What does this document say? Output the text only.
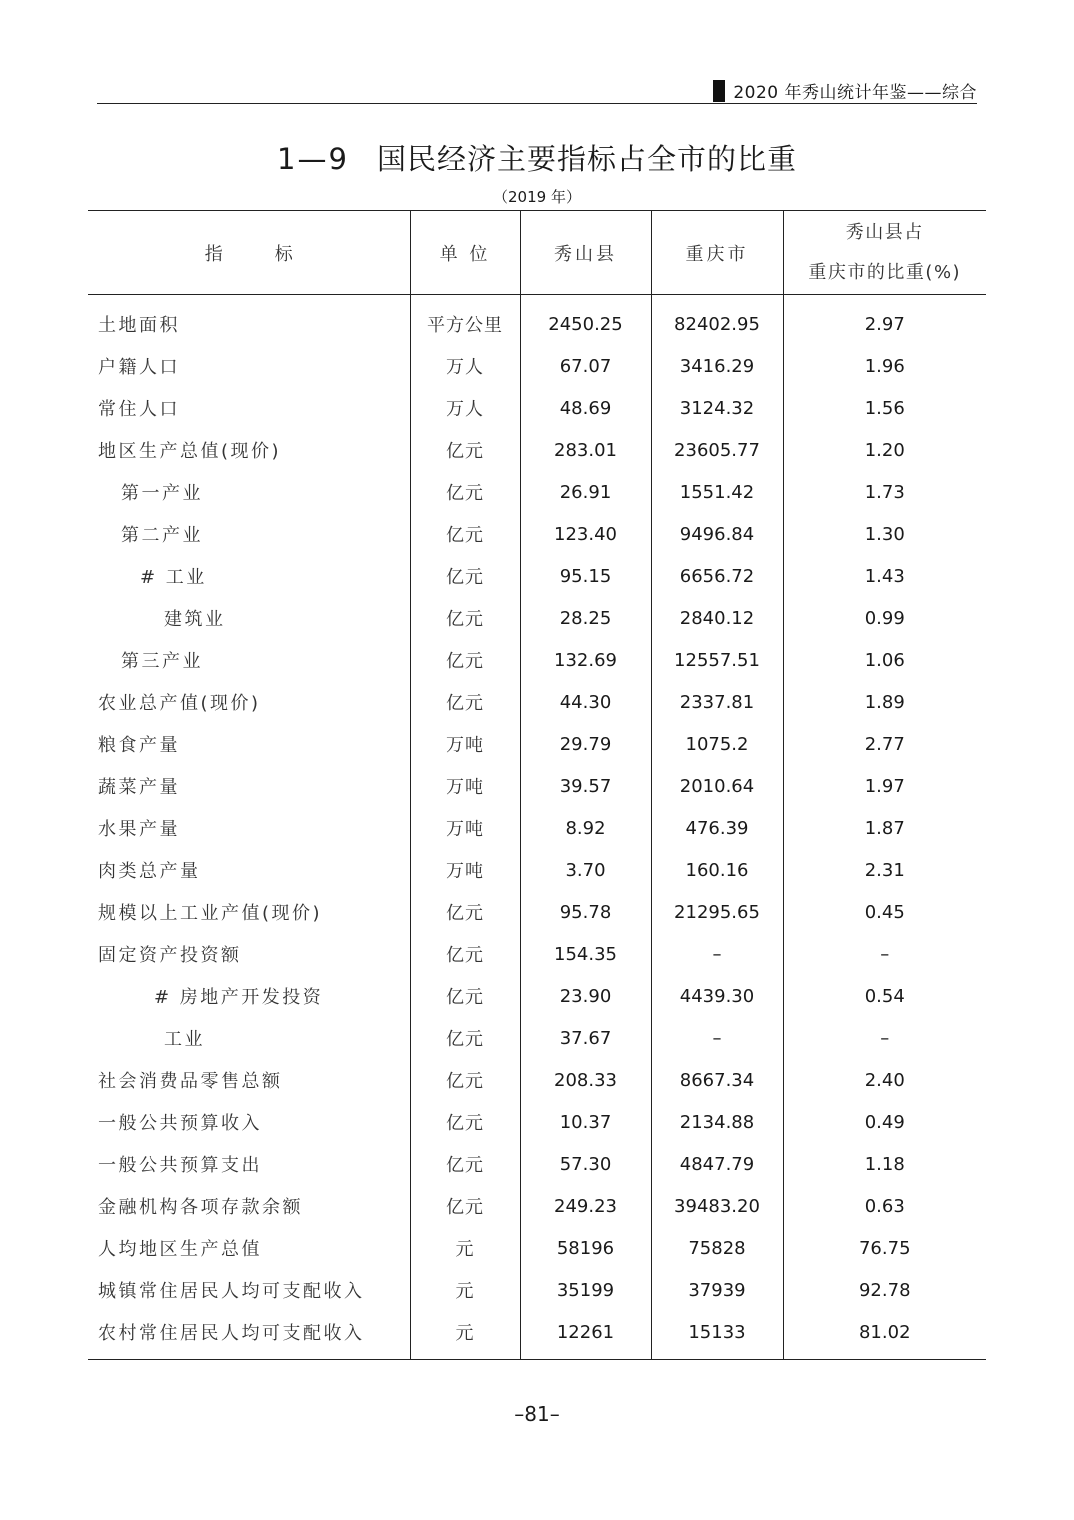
2020 年秀山统计年鉴——综合
1—9 国民经济主要指标占全市的比重
（2019 年）
指 标	单 位	秀山县	重庆市	秀山县占
重庆市的比重(%)

土地面积	平方公里	2450.25	82402.95	2.97
户籍人口	万人	67.07	3416.29	1.96
常住人口	万人	48.69	3124.32	1.56
地区生产总值(现价)	亿元	283.01	23605.77	1.20
第一产业	亿元	26.91	1551.42	1.73
第二产业	亿元	123.40	9496.84	1.30
# 工业	亿元	95.15	6656.72	1.43
建筑业	亿元	28.25	2840.12	0.99
第三产业	亿元	132.69	12557.51	1.06
农业总产值(现价)	亿元	44.30	2337.81	1.89
粮食产量	万吨	29.79	1075.2	2.77
蔬菜产量	万吨	39.57	2010.64	1.97
水果产量	万吨	8.92	476.39	1.87
肉类总产量	万吨	3.70	160.16	2.31
规模以上工业产值(现价)	亿元	95.78	21295.65	0.45
固定资产投资额	亿元	154.35	–	–
# 房地产开发投资	亿元	23.90	4439.30	0.54
工业	亿元	37.67	–	–
社会消费品零售总额	亿元	208.33	8667.34	2.40
一般公共预算收入	亿元	10.37	2134.88	0.49
一般公共预算支出	亿元	57.30	4847.79	1.18
金融机构各项存款余额	亿元	249.23	39483.20	0.63
人均地区生产总值	元	58196	75828	76.75
城镇常住居民人均可支配收入	元	35199	37939	92.78
农村常住居民人均可支配收入	元	12261	15133	81.02
–81–
